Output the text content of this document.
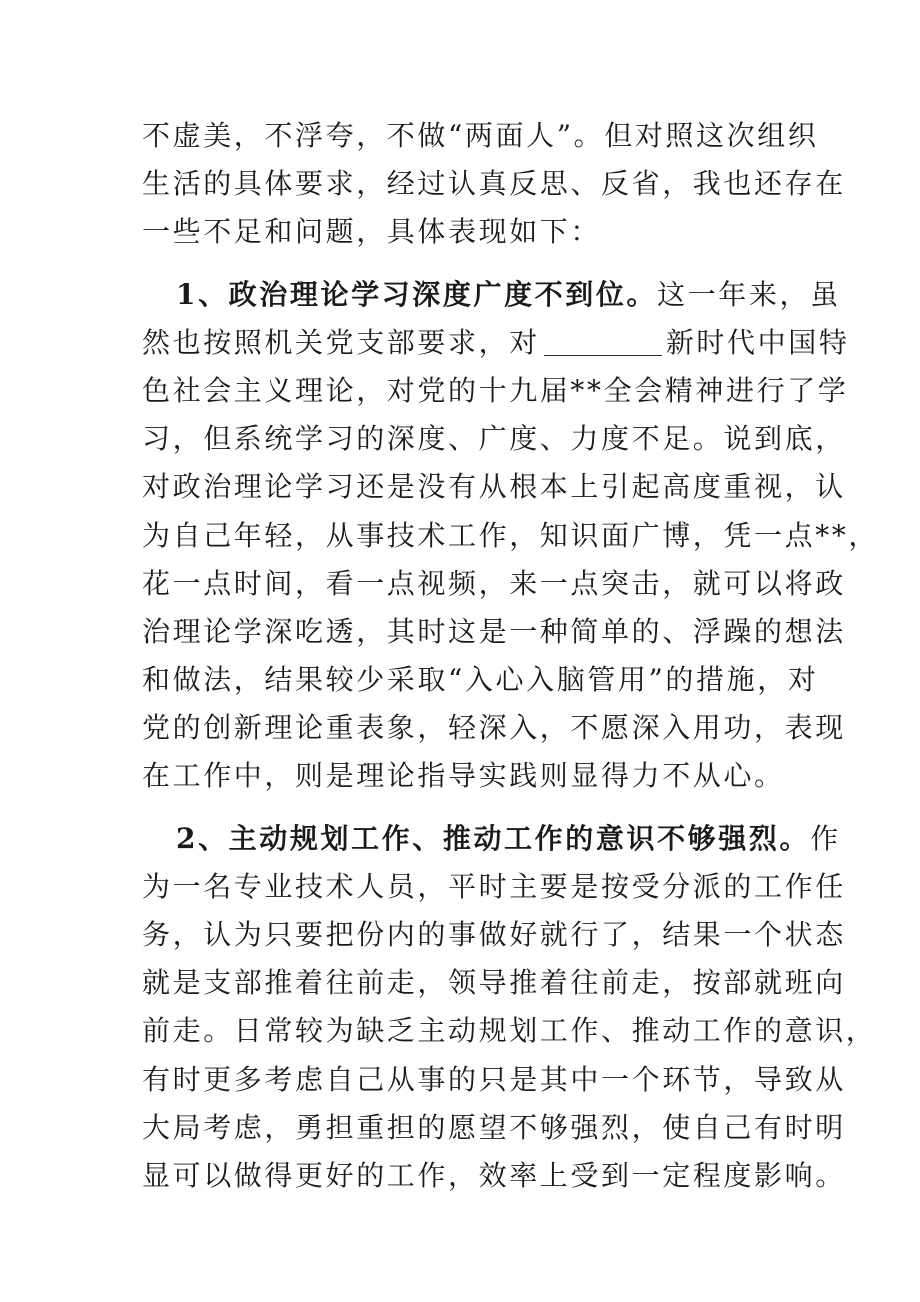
不虚美，不浮夸，不做“两面人”。但对照这次组织
生活的具体要求，经过认真反思、反省，我也还存在
一些不足和问题，具体表现如下：
1、政治理论学习深度广度不到位。这一年来，虽
然也按照机关党支部要求，对	新时代中国特
色社会主义理论，对党的十九届**全会精神进行了学
习，但系统学习的深度、广度、力度不足。说到底，
对政治理论学习还是没有从根本上引起高度重视，认
为自己年轻，从事技术工作，知识面广博，凭一点**，
花一点时间，看一点视频，来一点突击，就可以将政
治理论学深吃透，其时这是一种简单的、浮躁的想法
和做法，结果较少采取“入心入脑管用”的措施，对
党的创新理论重表象，轻深入，不愿深入用功，表现
在工作中，则是理论指导实践则显得力不从心。
2、主动规划工作、推动工作的意识不够强烈。作
为一名专业技术人员，平时主要是按受分派的工作任
务，认为只要把份内的事做好就行了，结果一个状态
就是支部推着往前走，领导推着往前走，按部就班向
前走。日常较为缺乏主动规划工作、推动工作的意识，
有时更多考虑自己从事的只是其中一个环节，导致从
大局考虑，勇担重担的愿望不够强烈，使自己有时明
显可以做得更好的工作，效率上受到一定程度影响。
